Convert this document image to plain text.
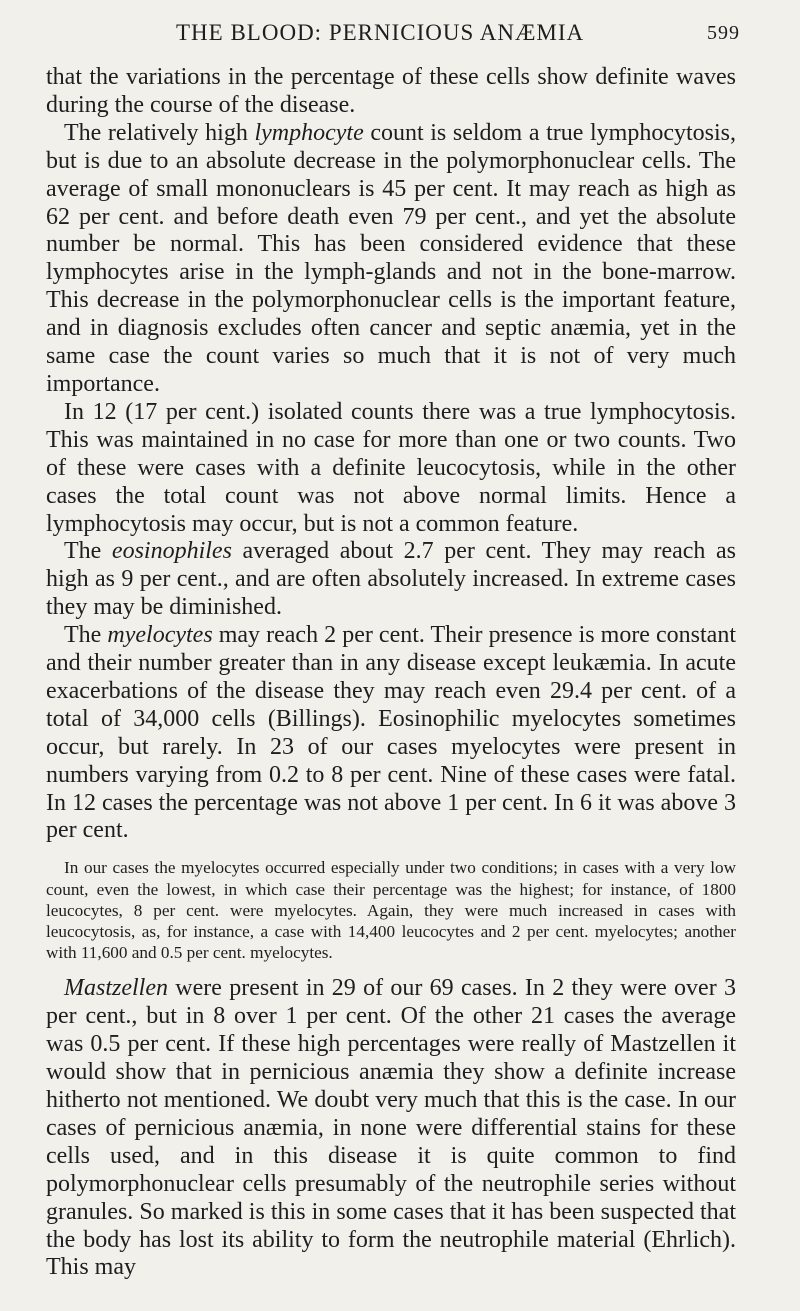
THE BLOOD: PERNICIOUS ANÆMIA	599

that the variations in the percentage of these cells show definite waves during the course of the disease.

The relatively high lymphocyte count is seldom a true lymphocytosis, but is due to an absolute decrease in the polymorphonuclear cells. The average of small mononuclears is 45 per cent. It may reach as high as 62 per cent. and before death even 79 per cent., and yet the absolute number be normal. This has been considered evidence that these lymphocytes arise in the lymph-glands and not in the bone-marrow. This decrease in the polymorphonuclear cells is the important feature, and in diagnosis excludes often cancer and septic anæmia, yet in the same case the count varies so much that it is not of very much importance.

In 12 (17 per cent.) isolated counts there was a true lymphocytosis. This was maintained in no case for more than one or two counts. Two of these were cases with a definite leucocytosis, while in the other cases the total count was not above normal limits. Hence a lymphocytosis may occur, but is not a common feature.

The eosinophiles averaged about 2.7 per cent. They may reach as high as 9 per cent., and are often absolutely increased. In extreme cases they may be diminished.

The myelocytes may reach 2 per cent. Their presence is more constant and their number greater than in any disease except leukæmia. In acute exacerbations of the disease they may reach even 29.4 per cent. of a total of 34,000 cells (Billings). Eosinophilic myelocytes sometimes occur, but rarely. In 23 of our cases myelocytes were present in numbers varying from 0.2 to 8 per cent. Nine of these cases were fatal. In 12 cases the percentage was not above 1 per cent. In 6 it was above 3 per cent.

In our cases the myelocytes occurred especially under two conditions; in cases with a very low count, even the lowest, in which case their percentage was the highest; for instance, of 1800 leucocytes, 8 per cent. were myelocytes. Again, they were much increased in cases with leucocytosis, as, for instance, a case with 14,400 leucocytes and 2 per cent. myelocytes; another with 11,600 and 0.5 per cent. myelocytes.

Mastzellen were present in 29 of our 69 cases. In 2 they were over 3 per cent., but in 8 over 1 per cent. Of the other 21 cases the average was 0.5 per cent. If these high percentages were really of Mastzellen it would show that in pernicious anæmia they show a definite increase hitherto not mentioned. We doubt very much that this is the case. In our cases of pernicious anæmia, in none were differential stains for these cells used, and in this disease it is quite common to find polymorphonuclear cells presumably of the neutrophile series without granules. So marked is this in some cases that it has been suspected that the body has lost its ability to form the neutrophile material (Ehrlich). This may
